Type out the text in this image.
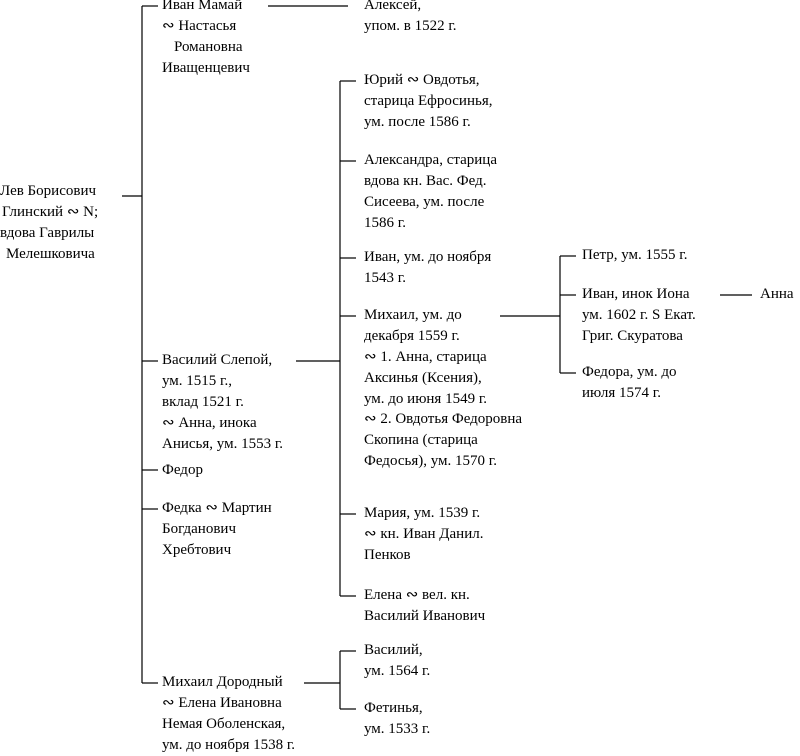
Лев Борисович
Глинский ∾ N;
вдова Гаврилы
Мелешковича
Иван Мамай
∾ Настасья
Романовна
Иващенцевич
Василий Слепой,
ум. 1515 г.,
вклад 1521 г.
∾ Анна, инока
Анисья, ум. 1553 г.
Федор
Федка ∾ Мартин
Богданович
Хребтович
Михаил Дородный
∾ Елена Ивановна
Немая Оболенская,
ум. до ноября 1538 г.
Алексей,
упом. в 1522 г.
Юрий ∾ Овдотья,
старица Ефросинья,
ум. после 1586 г.
Александра, старица
вдова кн. Вас. Фед.
Сисеева, ум. после
1586 г.
Иван, ум. до ноября
1543 г.
Михаил, ум. до
декабря 1559 г.
∾ 1. Анна, старица
Аксинья (Ксения),
ум. до июня 1549 г.
∾ 2. Овдотья Федоровна
Скопина (старица
Федосья), ум. 1570 г.
Мария, ум. 1539 г.
∾ кн. Иван Данил.
Пенков
Елена ∾ вел. кн.
Василий Иванович
Василий,
ум. 1564 г.
Фетинья,
ум. 1533 г.
Петр, ум. 1555 г.
Иван, инок Иона
ум. 1602 г. S Екат.
Григ. Скуратова
Федора, ум. до
июля 1574 г.
Анна
